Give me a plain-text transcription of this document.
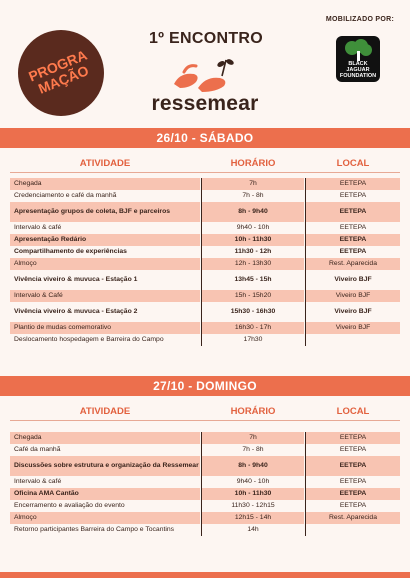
PROGRA
MAÇÃO
1º ENCONTRO
ressemear
MOBILIZADO POR:
BLACK
JAGUAR
FOUNDATION
26/10 - SÁBADO
ATIVIDADE	HORÁRIO	LOCAL
Chegada	7h	EETEPA
Credenciamento e café da manhã	7h - 8h	EETEPA
Apresentação grupos de coleta, BJF e parceiros	8h - 9h40	EETEPA
Intervalo & café	9h40 - 10h	EETEPA
Apresentação Redário	10h - 11h30	EETEPA
Compartilhamento de experiências	11h30 - 12h	EETEPA
Almoço	12h - 13h30	Rest. Aparecida
Vivência viveiro & muvuca - Estação 1	13h45 - 15h	Viveiro BJF
Intervalo & Café	15h - 15h20	Viveiro BJF
Vivência viveiro & muvuca - Estação 2	15h30 - 16h30	Viveiro BJF
Plantio de mudas comemorativo	16h30 - 17h	Viveiro BJF
Deslocamento hospedagem e Barreira do Campo	17h30
27/10 - DOMINGO
ATIVIDADE	HORÁRIO	LOCAL
Chegada	7h	EETEPA
Café da manhã	7h - 8h	EETEPA
Discussões sobre estrutura e organização da Ressemear	8h - 9h40	EETEPA
Intervalo & café	9h40 - 10h	EETEPA
Oficina AMA Cantão	10h - 11h30	EETEPA
Encerramento e avaliação do evento	11h30 - 12h15	EETEPA
Almoço	12h15 - 14h	Rest. Aparecida
Retorno participantes Barreira do Campo e Tocantins	14h
